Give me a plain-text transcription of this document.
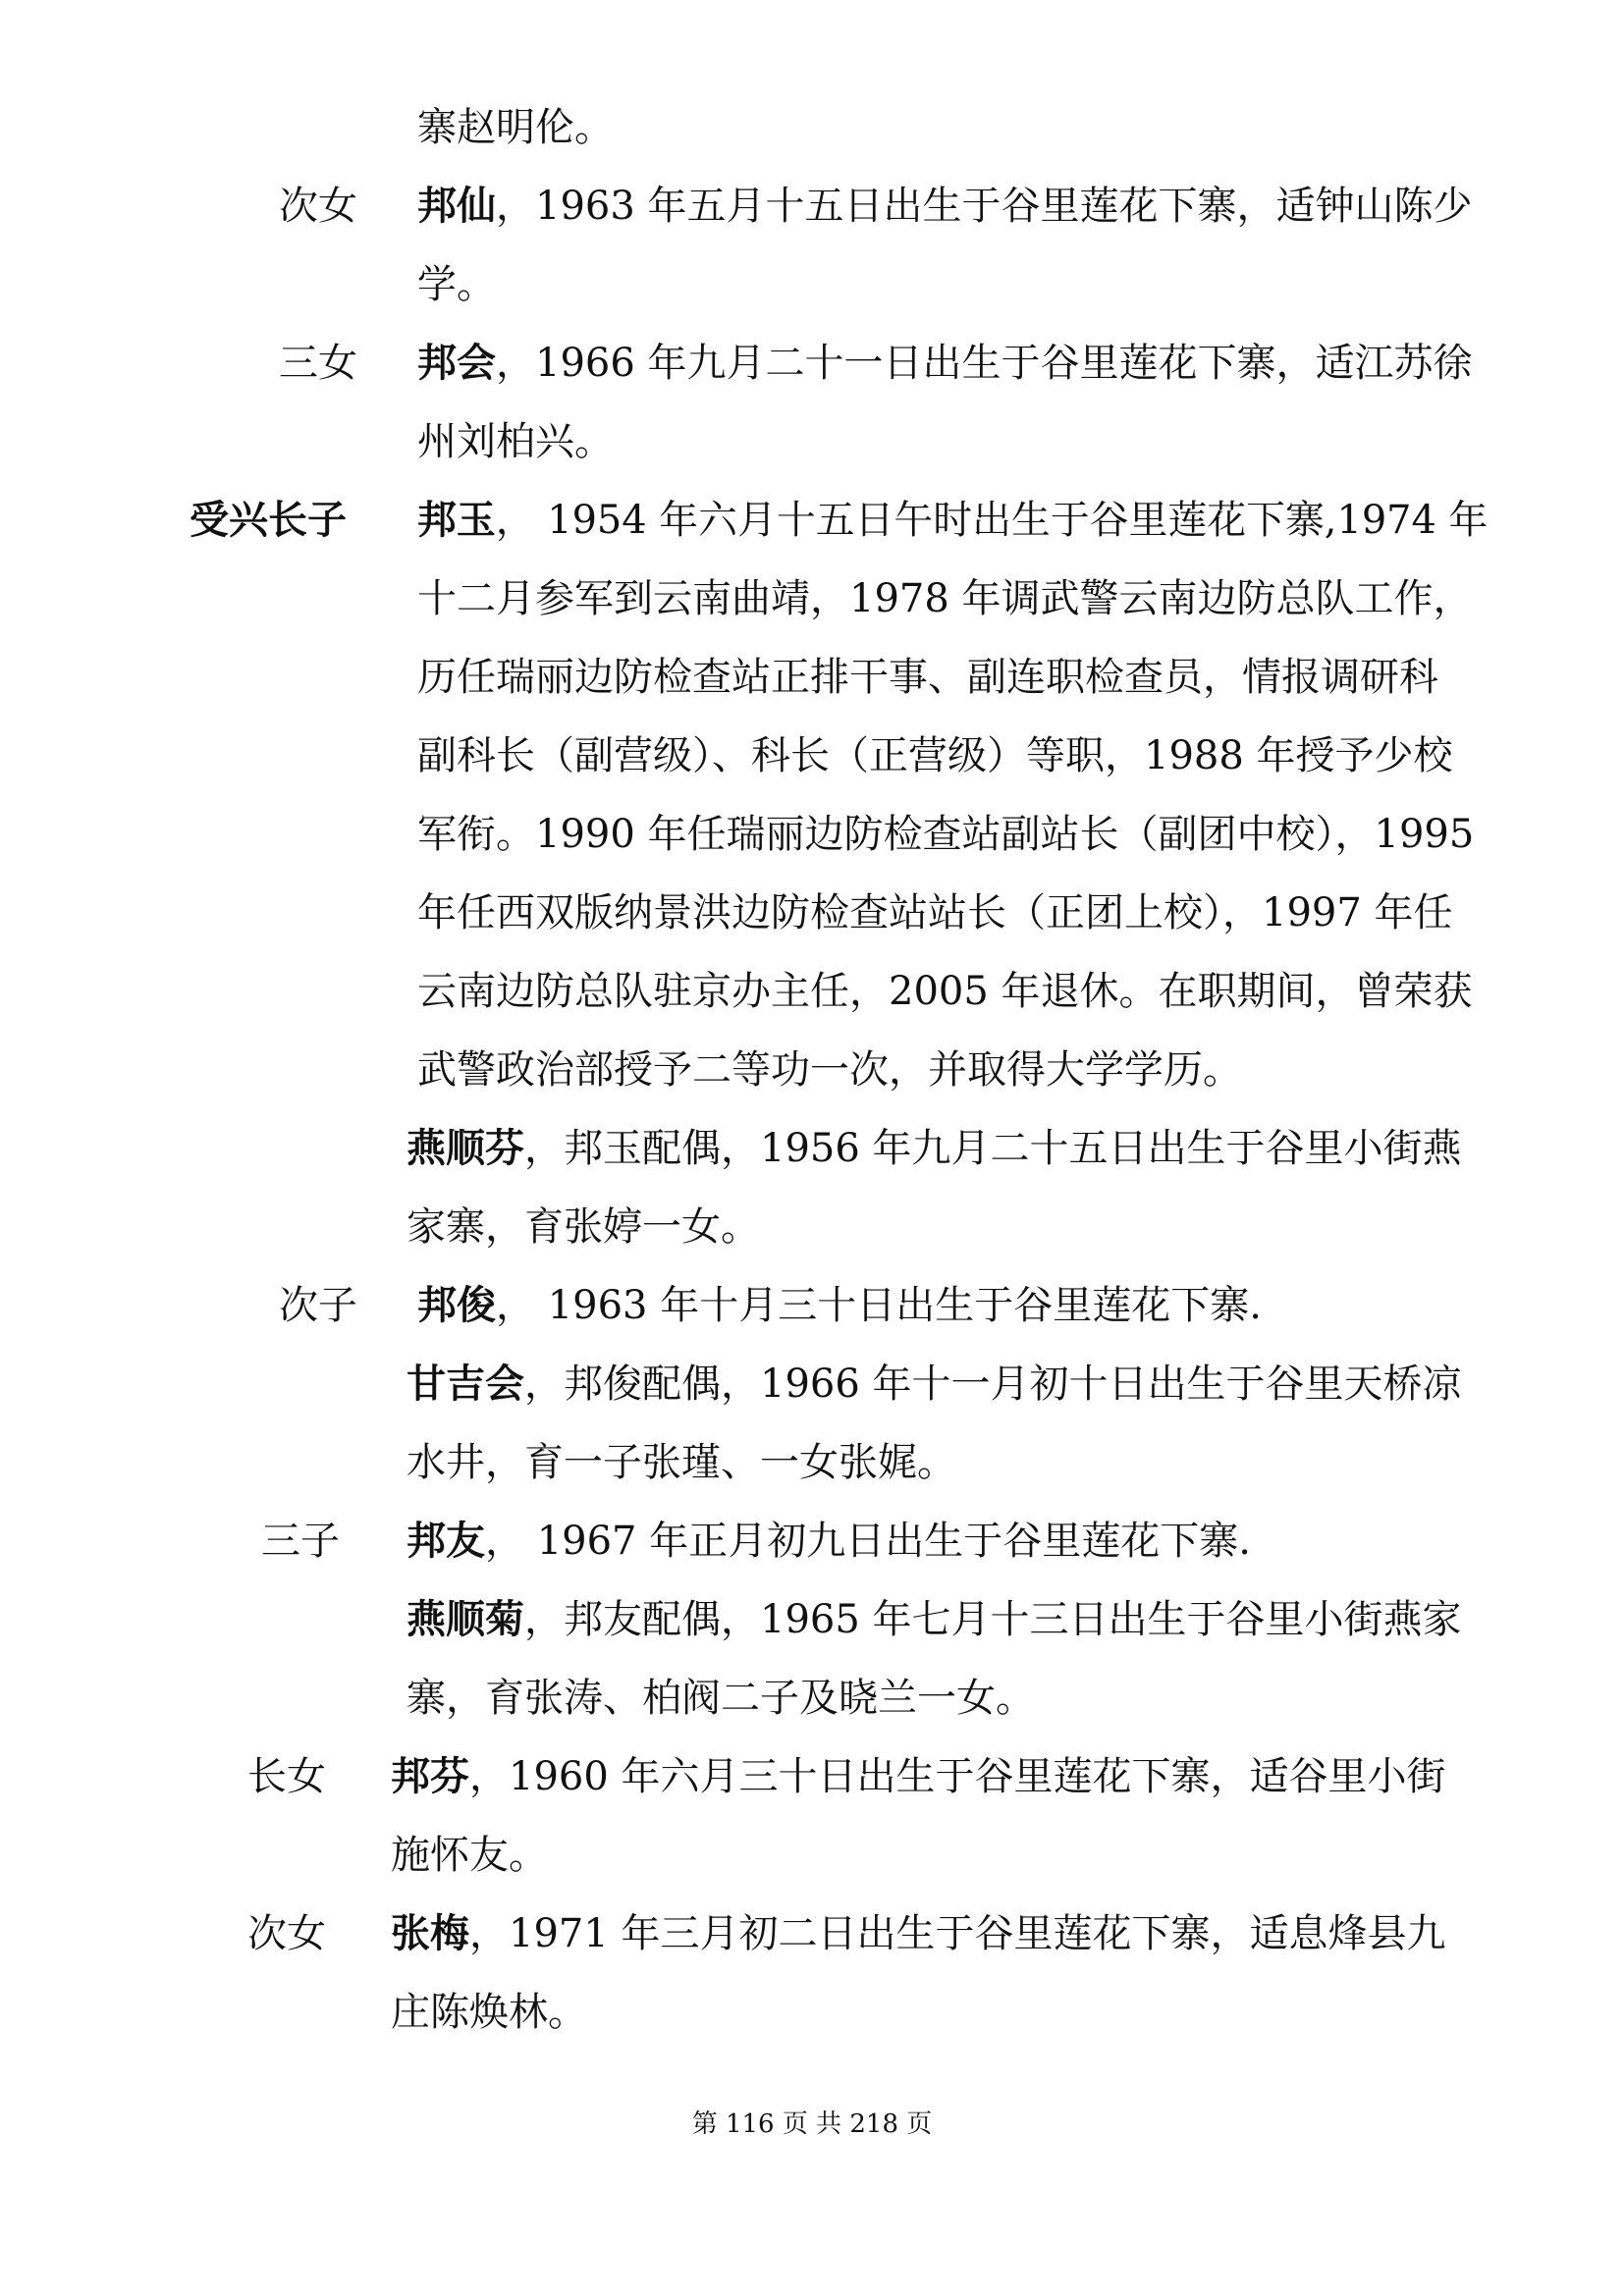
寨赵明伦。
次女 邦仙，1963 年五月十五日出生于谷里莲花下寨，适钟山陈少
学。
三女 邦会，1966 年九月二十一日出生于谷里莲花下寨，适江苏徐
州刘柏兴。
受兴长子 邦玉， 1954 年六月十五日午时出生于谷里莲花下寨,1974 年
十二月参军到云南曲靖，1978 年调武警云南边防总队工作，
历任瑞丽边防检查站正排干事、副连职检查员，情报调研科
副科长（副营级）、科长（正营级）等职，1988 年授予少校
军衔。1990 年任瑞丽边防检查站副站长（副团中校），1995
年任西双版纳景洪边防检查站站长（正团上校），1997 年任
云南边防总队驻京办主任，2005 年退休。在职期间，曾荣获
武警政治部授予二等功一次，并取得大学学历。
燕顺芬，邦玉配偶，1956 年九月二十五日出生于谷里小街燕
家寨，育张婷一女。
次子 邦俊， 1963 年十月三十日出生于谷里莲花下寨.
甘吉会，邦俊配偶，1966 年十一月初十日出生于谷里天桥凉
水井，育一子张瑾、一女张娓。
三子 邦友， 1967 年正月初九日出生于谷里莲花下寨.
燕顺菊，邦友配偶，1965 年七月十三日出生于谷里小街燕家
寨，育张涛、柏阀二子及晓兰一女。
长女 邦芬，1960 年六月三十日出生于谷里莲花下寨，适谷里小街
施怀友。
次女 张梅，1971 年三月初二日出生于谷里莲花下寨，适息烽县九
庄陈焕林。
第 116 页 共 218 页
